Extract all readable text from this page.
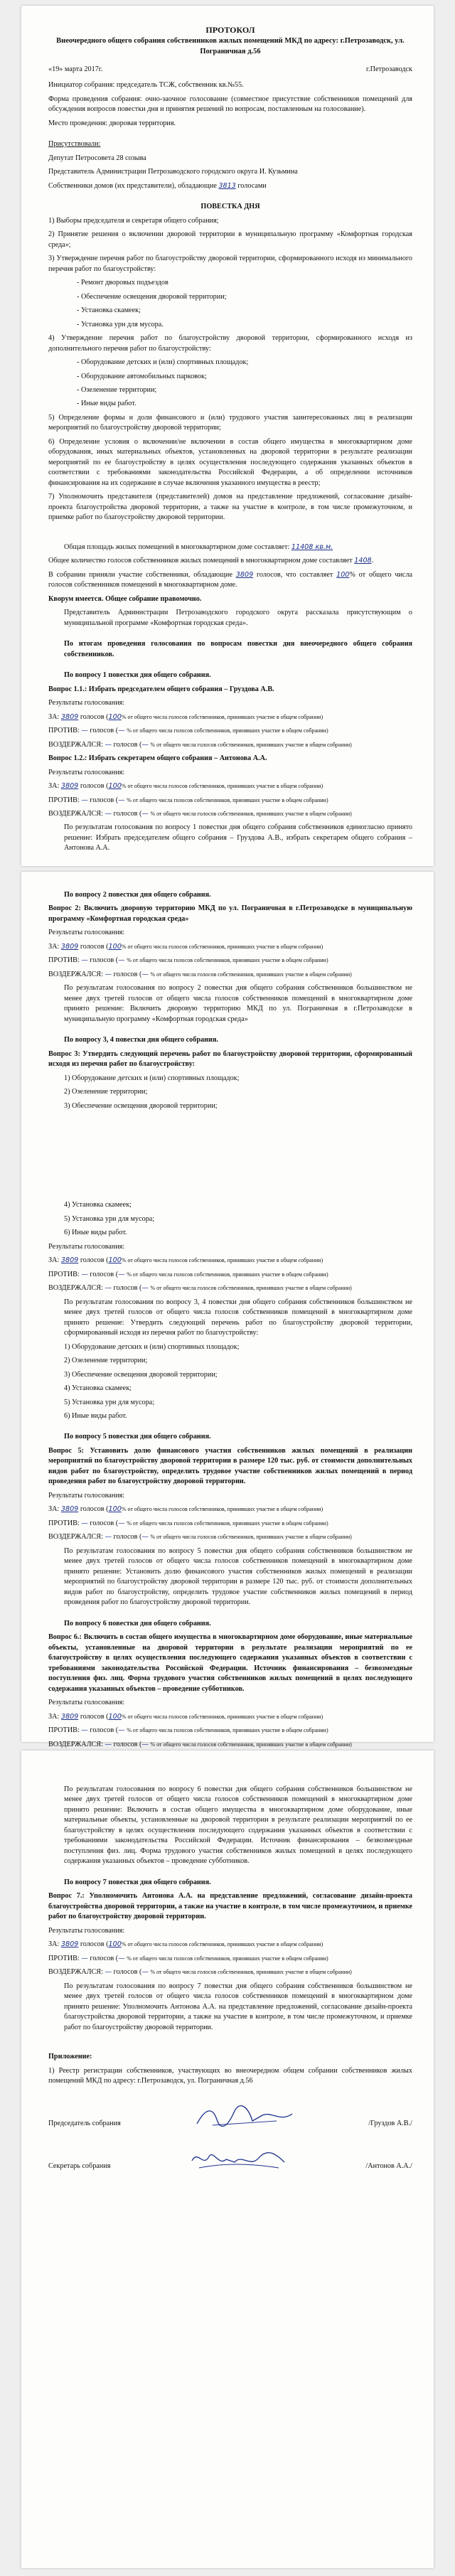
ПРОТОКОЛ

Внеочередного общего собрания собственников жилых помещений МКД по адресу: г.Петрозаводск, ул. Пограничная д.56

«19» марта 2017г.	г.Петрозаводск

Инициатор собрания: председатель ТСЖ, собственник кв.№55.

Форма проведения собрания: очно-заочное голосование (совместное присутствие собственников помещений для обсуждения вопросов повестки дня и принятия решений по вопросам, поставленным на голосование).

Место проведения: дворовая территория.

Присутствовали:

Депутат Петросовета 28 созыва

Представитель Администрации Петрозаводского городского округа И. Кузьмина

Собственники домов (их представители), обладающие 3813 голосами

ПОВЕСТКА ДНЯ

1) Выборы председателя и секретаря общего собрания;

2) Принятие решения о включении дворовой территории в муниципальную программу «Комфортная городская среда»;

3) Утверждение перечня работ по благоустройству дворовой территории, сформированного исходя из минимального перечня работ по благоустройству:

- Ремонт дворовых подъездов

- Обеспечение освещения дворовой территории;

- Установка скамеек;

- Установка урн для мусора.

4) Утверждение перечня работ по благоустройству дворовой территории, сформированного исходя из дополнительного перечня работ по благоустройству:

- Оборудование детских и (или) спортивных площадок;

- Оборудование автомобильных парковок;

- Озеленение территории;

- Иные виды работ.

5) Определение формы и доли финансового и (или) трудового участия заинтересованных лиц в реализации мероприятий по благоустройству дворовой территории;

6) Определение условия о включении/не включении в состав общего имущества в многоквартирном доме оборудования, иных материальных объектов, установленных на дворовой территории в результате реализации мероприятий по ее благоустройству в целях осуществления последующего содержания указанных объектов в соответствии с требованиями законодательства Российской Федерации, а об определении источников финансирования на их содержание в случае включения указанного имущества в реестр;

7) Уполномочить представителя (представителей) домов на представление предложений, согласование дизайн-проекта благоустройства дворовой территории, а также на участие в контроле, в том числе промежуточном, и приемке работ по благоустройству дворовой территории.

Общая площадь жилых помещений в многоквартирном доме составляет: 11408 кв.м.

Общее количество голосов собственников жилых помещений в многоквартирном доме составляет 1408.

В собрании приняли участие собственники, обладающие 3809 голосов, что составляет 100% от общего числа голосов собственников помещений в многоквартирном доме.

Кворум имеется. Общее собрание правомочно.

Представитель Администрации Петрозаводского городского округа рассказала присутствующим о муниципальной программе «Комфортная городская среда».

По итогам проведения голосования по вопросам повестки дня внеочередного общего собрания собственников.

По вопросу 1 повестки дня общего собрания.

Вопрос 1.1.: Избрать председателем общего собрания – Груздова А.В.

Результаты голосования:

ЗА: 3809 голосов (100% от общего числа голосов собственников, принявших участие в общем собрании)

ПРОТИВ: — голосов (— % от общего числа голосов собственников, принявших участие в общем собрании)

ВОЗДЕРЖАЛСЯ: — голосов (— % от общего числа голосов собственников, принявших участие в общем собрании)

Вопрос 1.2.: Избрать секретарем общего собрания – Антонова А.А.

Результаты голосования:

ЗА: 3809 голосов (100% от общего числа голосов собственников, принявших участие в общем собрании)

ПРОТИВ: — голосов (— % от общего числа голосов собственников, принявших участие в общем собрании)

ВОЗДЕРЖАЛСЯ: — голосов (— % от общего числа голосов собственников, принявших участие в общем собрании)

По результатам голосования по вопросу 1 повестки дня общего собрания собственников единогласно принято решение: Избрать председателем общего собрания – Груздова А.В., избрать секретарем общего собрания – Антонова А.А.

По вопросу 2 повестки дня общего собрания.

Вопрос 2: Включить дворовую территорию МКД по ул. Пограничная в г.Петрозаводске в муниципальную программу «Комфортная городская среда»

Результаты голосования:

ЗА: 3809 голосов (100% от общего числа голосов собственников, принявших участие в общем собрании)

ПРОТИВ: — голосов (— % от общего числа голосов собственников, принявших участие в общем собрании)

ВОЗДЕРЖАЛСЯ: — голосов (— % от общего числа голосов собственников, принявших участие в общем собрании)

По результатам голосования по вопросу 2 повестки дня общего собрания собственников большинством не менее двух третей голосов от общего числа голосов собственников помещений в многоквартирном доме принято решение: Включить дворовую территорию МКД по ул. Пограничная в г.Петрозаводске в муниципальную программу «Комфортная городская среда»

По вопросу 3, 4 повестки дня общего собрания.

Вопрос 3: Утвердить следующий перечень работ по благоустройству дворовой территории, сформированный исходя из перечня работ по благоустройству:

1) Оборудование детских и (или) спортивных площадок;

2) Озеленение территории;

3) Обеспечение освещения дворовой территории;

4) Установка скамеек;

5) Установка урн для мусора;

6) Иные виды работ.

Результаты голосования:

ЗА: 3809 голосов (100% от общего числа голосов собственников, принявших участие в общем собрании)

ПРОТИВ: — голосов (— % от общего числа голосов собственников, принявших участие в общем собрании)

ВОЗДЕРЖАЛСЯ: — голосов (— % от общего числа голосов собственников, принявших участие в общем собрании)

По результатам голосования по вопросу 3, 4 повестки дня общего собрания собственников большинством не менее двух третей голосов от общего числа голосов собственников помещений в многоквартирном доме принято решение: Утвердить следующий перечень работ по благоустройству дворовой территории, сформированный исходя из перечня работ по благоустройству:

1) Оборудование детских и (или) спортивных площадок;

2) Озеленение территории;

3) Обеспечение освещения дворовой территории;

4) Установка скамеек;

5) Установка урн для мусора;

6) Иные виды работ.

По вопросу 5 повестки дня общего собрания.

Вопрос 5: Установить долю финансового участия собственников жилых помещений в реализации мероприятий по благоустройству дворовой территории в размере 120 тыс. руб. от стоимости дополнительных видов работ по благоустройству, определить трудовое участие собственников жилых помещений в период проведения работ по благоустройству дворовой территории.

Результаты голосования:

ЗА: 3809 голосов (100% от общего числа голосов собственников, принявших участие в общем собрании)

ПРОТИВ: — голосов (— % от общего числа голосов собственников, принявших участие в общем собрании)

ВОЗДЕРЖАЛСЯ: — голосов (— % от общего числа голосов собственников, принявших участие в общем собрании)

По результатам голосования по вопросу 5 повестки дня общего собрания собственников большинством не менее двух третей голосов от общего числа голосов собственников помещений в многоквартирном доме принято решение: Установить долю финансового участия собственников жилых помещений в реализации мероприятий по благоустройству дворовой территории в размере 120 тыс. руб. от стоимости дополнительных видов работ по благоустройству, определить трудовое участие собственников жилых помещений в период проведения работ по благоустройству дворовой территории.

По вопросу 6 повестки дня общего собрания.

Вопрос 6.: Включить в состав общего имущества в многоквартирном доме оборудование, иные материальные объекты, установленные на дворовой территории в результате реализации мероприятий по ее благоустройству в целях осуществления последующего содержания указанных объектов в соответствии с требованиями законодательства Российской Федерации. Источник финансирования – безвозмездные поступления физ. лиц. Форма трудового участия собственников жилых помещений в целях последующего содержания указанных объектов – проведение субботников.

Результаты голосования:

ЗА: 3809 голосов (100% от общего числа голосов собственников, принявших участие в общем собрании)

ПРОТИВ: — голосов (— % от общего числа голосов собственников, принявших участие в общем собрании)

ВОЗДЕРЖАЛСЯ: — голосов (— % от общего числа голосов собственников, принявших участие в общем собрании)

По результатам голосования по вопросу 6 повестки дня общего собрания собственников большинством не менее двух третей голосов от общего числа голосов собственников помещений в многоквартирном доме принято решение: Включить в состав общего имущества в многоквартирном доме оборудование, иные материальные объекты, установленные на дворовой территории в результате реализации мероприятий по ее благоустройству в целях осуществления последующего содержания указанных объектов в соответствии с требованиями законодательства Российской Федерации. Источник финансирования – безвозмездные поступления физ. лиц. Форма трудового участия собственников жилых помещений в целях последующего содержания указанных объектов – проведение субботников.

По вопросу 7 повестки дня общего собрания.

Вопрос 7.: Уполномочить Антонова А.А. на представление предложений, согласование дизайн-проекта благоустройства дворовой территории, а также на участие в контроле, в том числе промежуточном, и приемке работ по благоустройству дворовой территории.

Результаты голосования:

ЗА: 3809 голосов (100% от общего числа голосов собственников, принявших участие в общем собрании)

ПРОТИВ: — голосов (— % от общего числа голосов собственников, принявших участие в общем собрании)

ВОЗДЕРЖАЛСЯ: — голосов (— % от общего числа голосов собственников, принявших участие в общем собрании)

По результатам голосования по вопросу 7 повестки дня общего собрания собственников большинством не менее двух третей голосов от общего числа голосов собственников помещений в многоквартирном доме принято решение: Уполномочить Антонова А.А. на представление предложений, согласование дизайн-проекта благоустройства дворовой территории, а также на участие в контроле, в том числе промежуточном, и приемке работ по благоустройству дворовой территории.

Приложение:

1) Реестр регистрации собственников, участвующих во внеочередном общем собрании собственников жилых помещений МКД по адресу: г.Петрозаводск, ул. Пограничная д.56

Председатель собрания	/Груздов А.В./
Секретарь собрания	/Антонов А.А./
